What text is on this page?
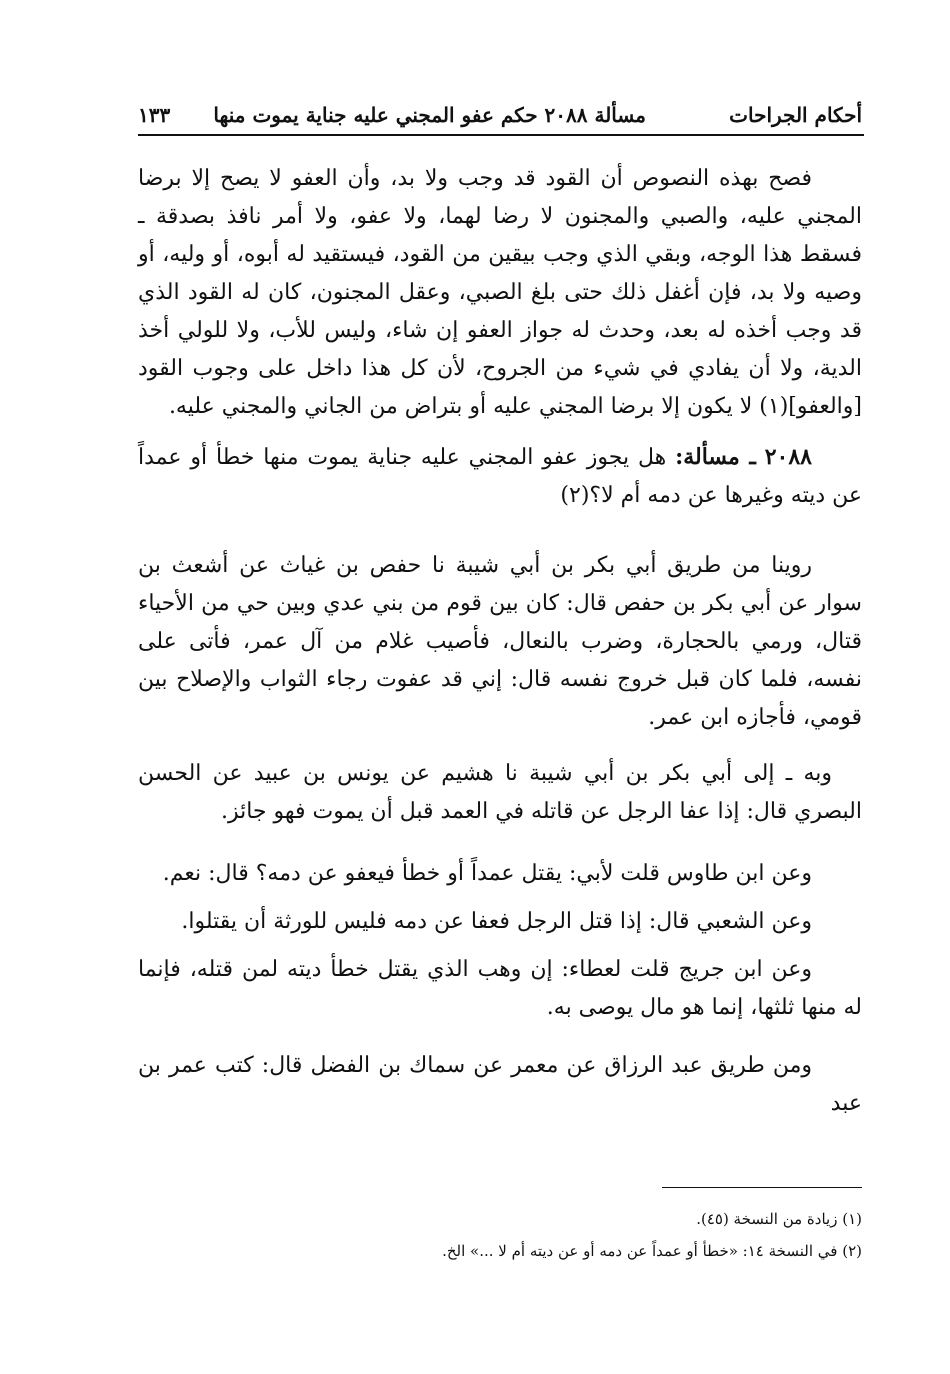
أحكام الجراحات
مسألة ٢٠٨٨ حكم عفو المجني عليه جناية يموت منها
١٣٣

فصح بهذه النصوص أن القود قد وجب ولا بد، وأن العفو لا يصح إلا برضا المجني عليه، والصبي والمجنون لا رضا لهما، ولا عفو، ولا أمر نافذ بصدقة ـ فسقط هذا الوجه، وبقي الذي وجب بيقين من القود، فيستقيد له أبوه، أو وليه، أو وصيه ولا بد، فإن أغفل ذلك حتى بلغ الصبي، وعقل المجنون، كان له القود الذي قد وجب أخذه له بعد، وحدث له جواز العفو إن شاء، وليس للأب، ولا للولي أخذ الدية، ولا أن يفادي في شيء من الجروح، لأن كل هذا داخل على وجوب القود [والعفو](١) لا يكون إلا برضا المجني عليه أو بتراض من الجاني والمجني عليه.

٢٠٨٨ ـ مسألة: هل يجوز عفو المجني عليه جناية يموت منها خطأ أو عمداً عن ديته وغيرها عن دمه أم لا؟(٢)

روينا من طريق أبي بكر بن أبي شيبة نا حفص بن غياث عن أشعث بن سوار عن أبي بكر بن حفص قال: كان بين قوم من بني عدي وبين حي من الأحياء قتال، ورمي بالحجارة، وضرب بالنعال، فأصيب غلام من آل عمر، فأتى على نفسه، فلما كان قبل خروج نفسه قال: إني قد عفوت رجاء الثواب والإصلاح بين قومي، فأجازه ابن عمر.

وبه ـ إلى أبي بكر بن أبي شيبة نا هشيم عن يونس بن عبيد عن الحسن البصري قال: إذا عفا الرجل عن قاتله في العمد قبل أن يموت فهو جائز.

وعن ابن طاوس قلت لأبي: يقتل عمداً أو خطأ فيعفو عن دمه؟ قال: نعم.

وعن الشعبي قال: إذا قتل الرجل فعفا عن دمه فليس للورثة أن يقتلوا.

وعن ابن جريج قلت لعطاء: إن وهب الذي يقتل خطأ ديته لمن قتله، فإنما له منها ثلثها، إنما هو مال يوصى به.

ومن طريق عبد الرزاق عن معمر عن سماك بن الفضل قال: كتب عمر بن عبد

(١) زيادة من النسخة (٤٥).

(٢) في النسخة ١٤: «خطأ أو عمداً عن دمه أو عن ديته أم لا ...» الخ.
